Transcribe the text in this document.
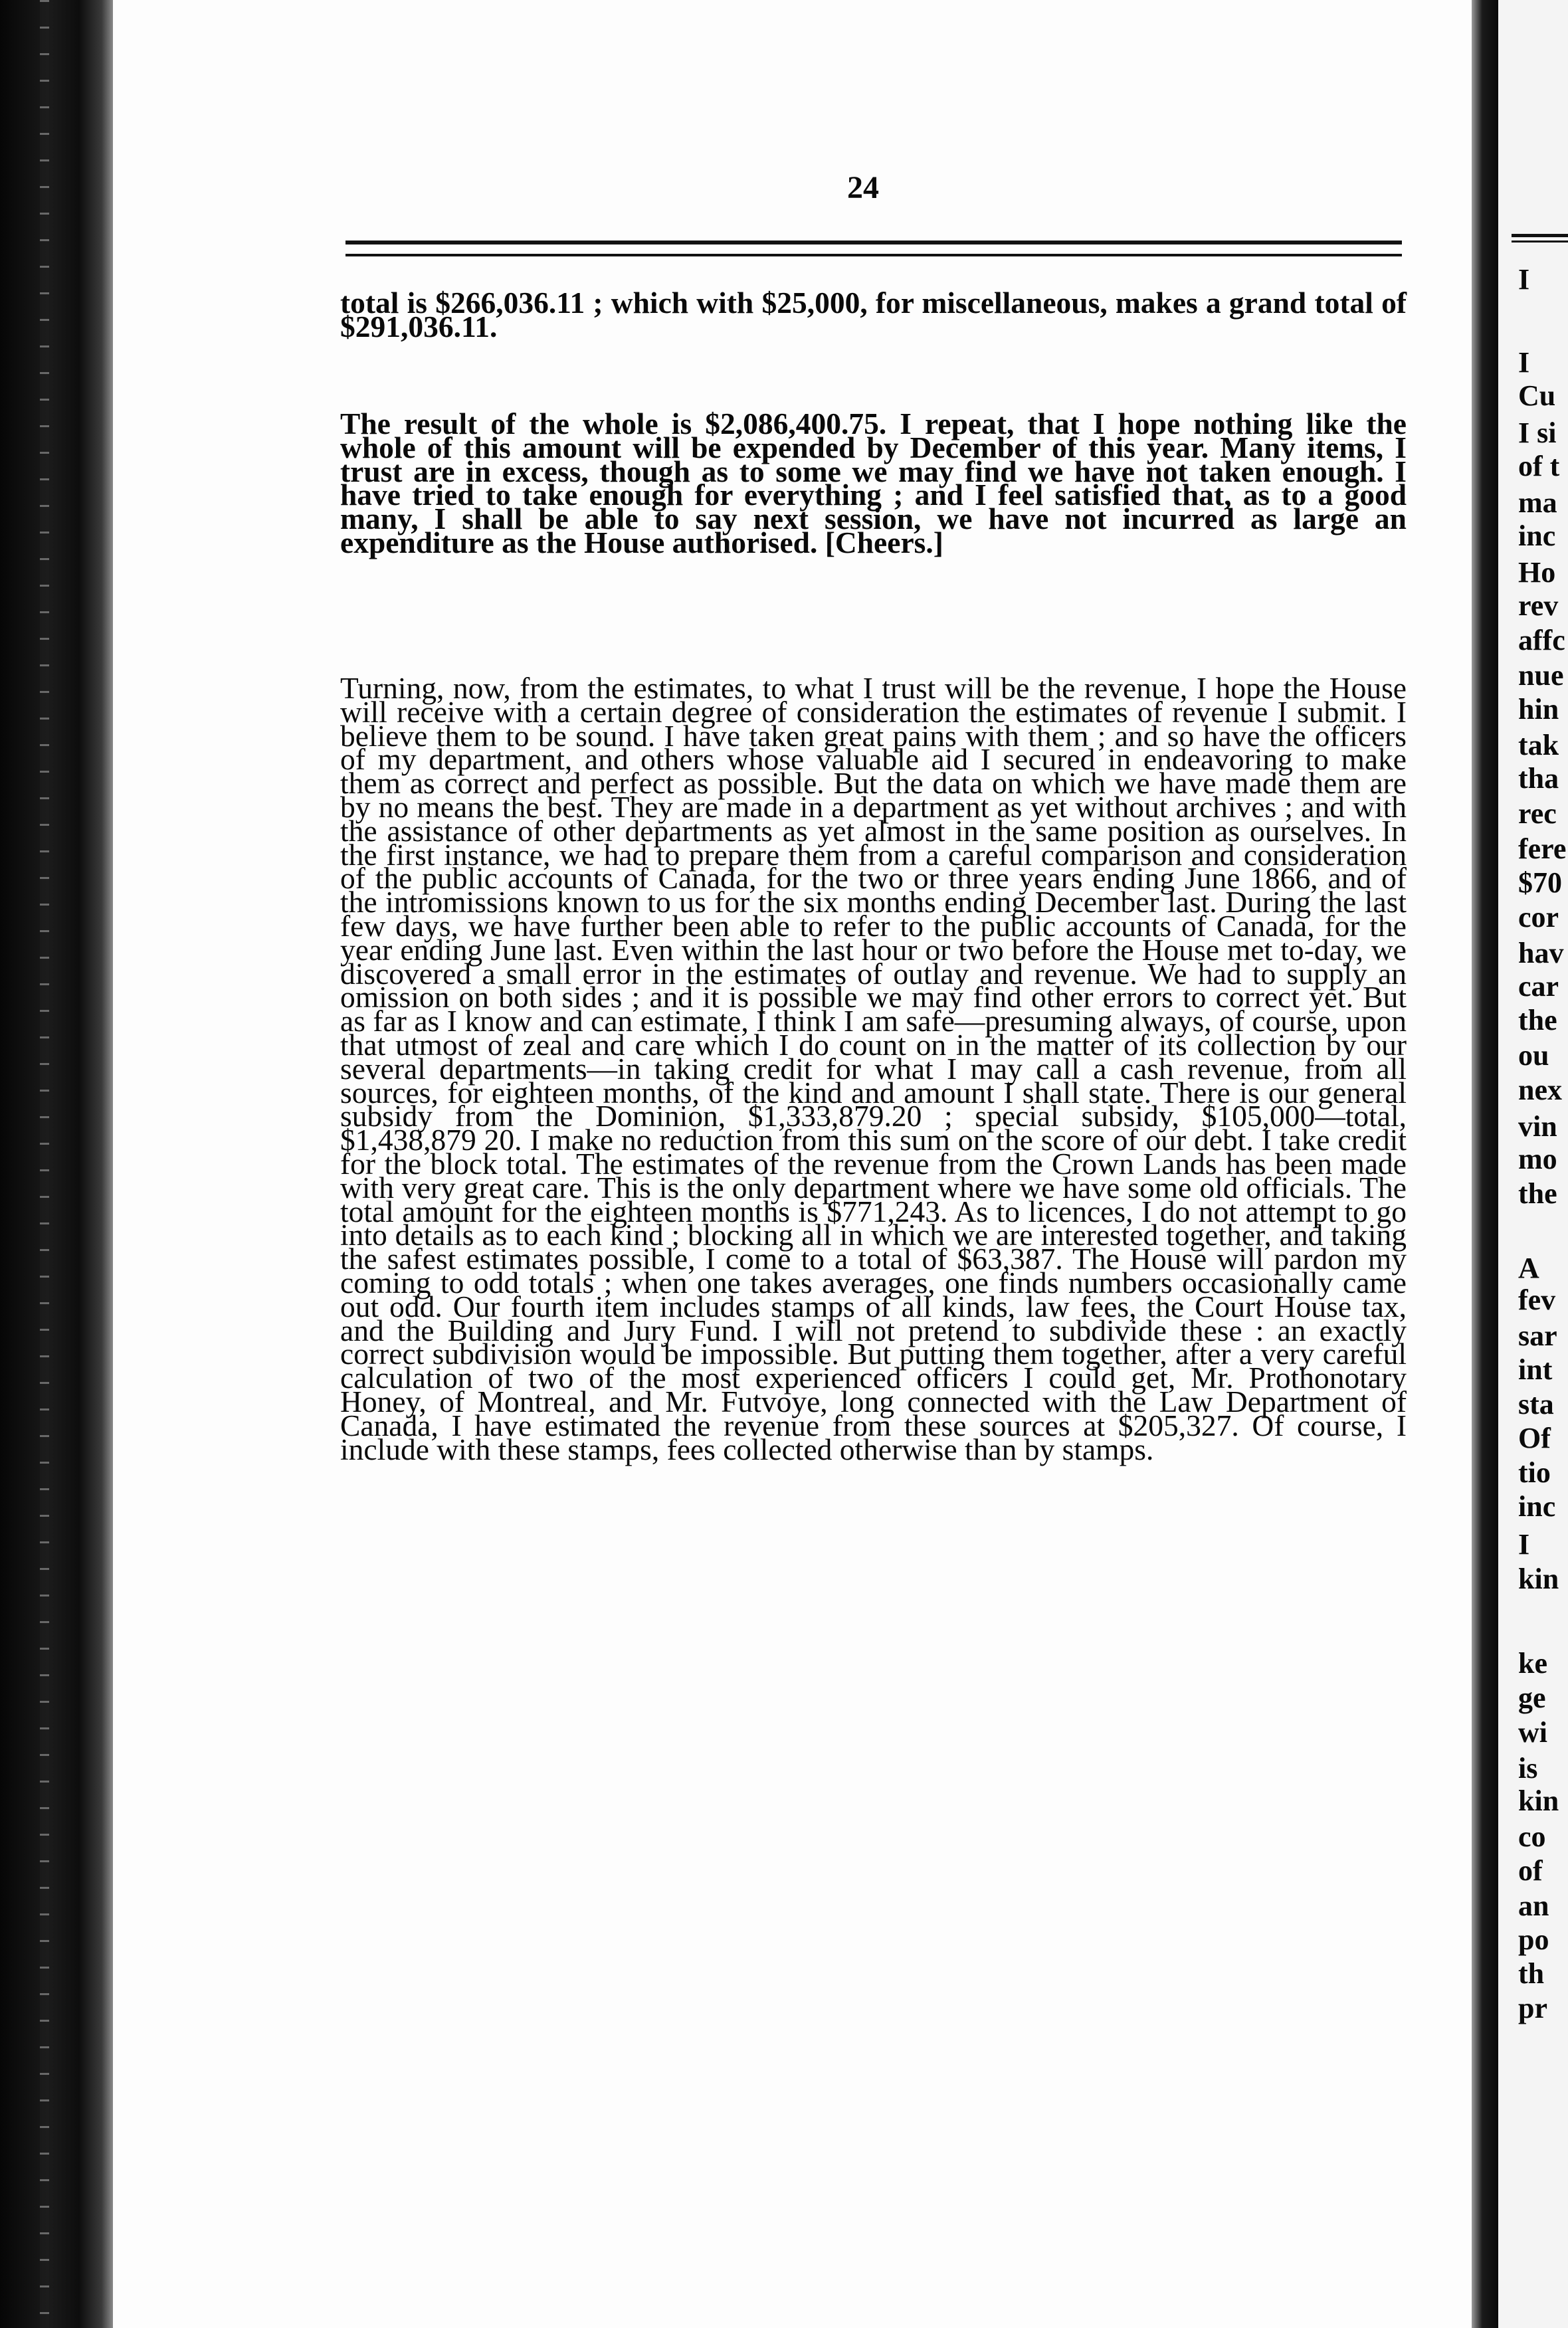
24

total is $266,036.11 ; which with $25,000, for miscellaneous, makes a grand total of $291,036.11.

The result of the whole is $2,086,400.75. I repeat, that I hope nothing like the whole of this amount will be expended by December of this year. Many items, I trust are in excess, though as to some we may find we have not taken enough. I have tried to take enough for everything ; and I feel satisfied that, as to a good many, I shall be able to say next session, we have not incurred as large an expenditure as the House authorised. [Cheers.]

Turning, now, from the estimates, to what I trust will be the revenue, I hope the House will receive with a certain degree of consideration the estimates of revenue I submit. I believe them to be sound. I have taken great pains with them ; and so have the officers of my department, and others whose valuable aid I secured in endeavoring to make them as correct and perfect as possible. But the data on which we have made them are by no means the best. They are made in a department as yet without archives ; and with the assistance of other departments as yet almost in the same position as ourselves. In the first instance, we had to prepare them from a careful comparison and consideration of the public accounts of Canada, for the two or three years ending June 1866, and of the intromissions known to us for the six months ending December last. During the last few days, we have further been able to refer to the public accounts of Canada, for the year ending June last. Even within the last hour or two before the House met to-day, we discovered a small error in the estimates of outlay and revenue. We had to supply an omission on both sides ; and it is possible we may find other errors to correct yet. But as far as I know and can estimate, I think I am safe—presuming always, of course, upon that utmost of zeal and care which I do count on in the matter of its collection by our several departments—in taking credit for what I may call a cash revenue, from all sources, for eighteen months, of the kind and amount I shall state. There is our general subsidy from the Dominion, $1,333,879.20 ; special subsidy, $105,000—total, $1,438,879 20. I make no reduction from this sum on the score of our debt. I take credit for the block total. The estimates of the revenue from the Crown Lands has been made with very great care. This is the only department where we have some old officials. The total amount for the eighteen months is $771,243. As to licences, I do not attempt to go into details as to each kind ; blocking all in which we are interested together, and taking the safest estimates possible, I come to a total of $63,387. The House will pardon my coming to odd totals ; when one takes averages, one finds numbers occasionally came out odd. Our fourth item includes stamps of all kinds, law fees, the Court House tax, and the Building and Jury Fund. I will not pretend to subdivide these : an exactly correct subdivision would be impossible. But putting them together, after a very careful calculation of two of the most experienced officers I could get, Mr. Prothonotary Honey, of Montreal, and Mr. Futvoye, long connected with the Law Department of Canada, I have estimated the revenue from these sources at $205,327. Of course, I include with these stamps, fees collected otherwise than by stamps.

I
I
Cu
I si
of t
ma
inc
Ho
rev
affc
nue
hin
tak
tha
rec
fere
$70
cor
hav
car
the
ou
nex
vin
mo
the
A
fev
sar
int
sta
Of
tio
inc
I
kin
ke
ge
wi
is
kin
co
of
an
po
th
pr
